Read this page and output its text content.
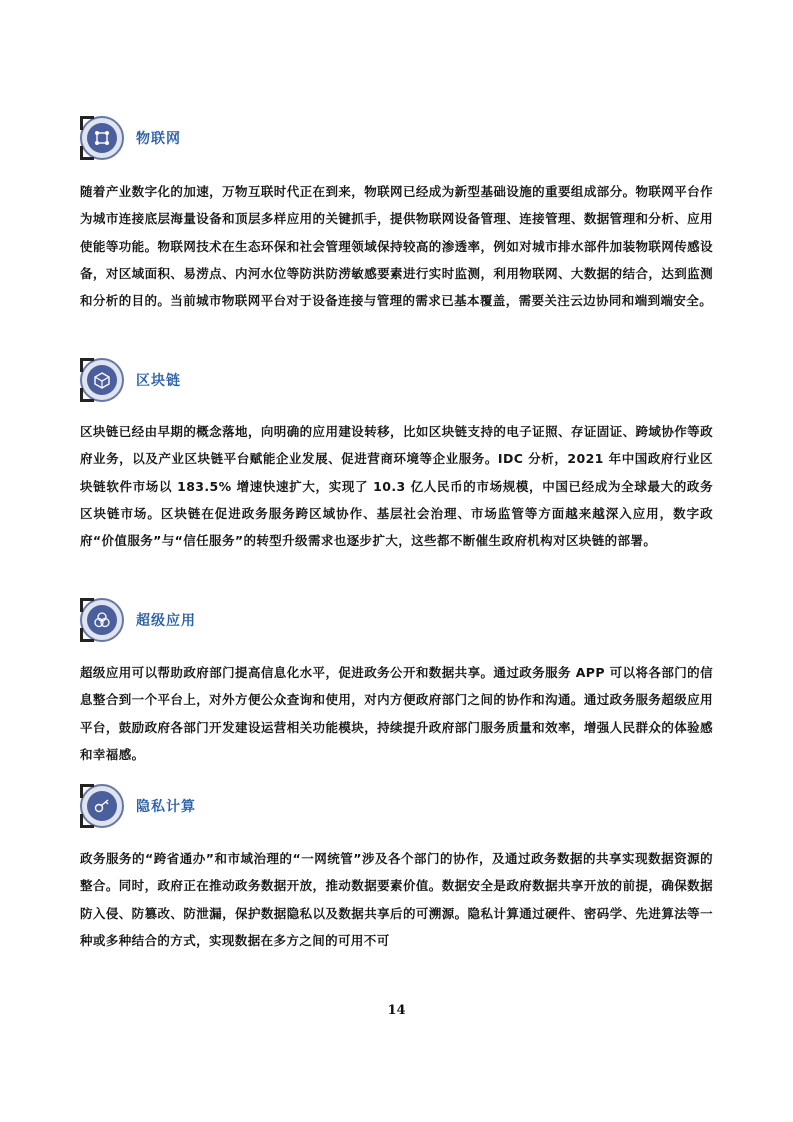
物联网
随着产业数字化的加速，万物互联时代正在到来，物联网已经成为新型基础设施的重要组成部分。物联网平台作为城市连接底层海量设备和顶层多样应用的关键抓手，提供物联网设备管理、连接管理、数据管理和分析、应用使能等功能。物联网技术在生态环保和社会管理领域保持较高的渗透率，例如对城市排水部件加装物联网传感设备，对区域面积、易涝点、内河水位等防洪防涝敏感要素进行实时监测，利用物联网、大数据的结合，达到监测和分析的目的。当前城市物联网平台对于设备连接与管理的需求已基本覆盖，需要关注云边协同和端到端安全。
区块链
区块链已经由早期的概念落地，向明确的应用建设转移，比如区块链支持的电子证照、存证固证、跨域协作等政府业务，以及产业区块链平台赋能企业发展、促进营商环境等企业服务。IDC 分析，2021 年中国政府行业区块链软件市场以 183.5% 增速快速扩大，实现了 10.3 亿人民币的市场规模，中国已经成为全球最大的政务区块链市场。区块链在促进政务服务跨区域协作、基层社会治理、市场监管等方面越来越深入应用，数字政府“价值服务”与“信任服务”的转型升级需求也逐步扩大，这些都不断催生政府机构对区块链的部署。
超级应用
超级应用可以帮助政府部门提高信息化水平，促进政务公开和数据共享。通过政务服务 APP 可以将各部门的信息整合到一个平台上，对外方便公众查询和使用，对内方便政府部门之间的协作和沟通。通过政务服务超级应用平台，鼓励政府各部门开发建设运营相关功能模块，持续提升政府部门服务质量和效率，增强人民群众的体验感和幸福感。
隐私计算
政务服务的“跨省通办”和市域治理的“一网统管”涉及各个部门的协作，及通过政务数据的共享实现数据资源的整合。同时，政府正在推动政务数据开放，推动数据要素价值。数据安全是政府数据共享开放的前提，确保数据防入侵、防篡改、防泄漏，保护数据隐私以及数据共享后的可溯源。隐私计算通过硬件、密码学、先进算法等一种或多种结合的方式，实现数据在多方之间的可用不可
14
